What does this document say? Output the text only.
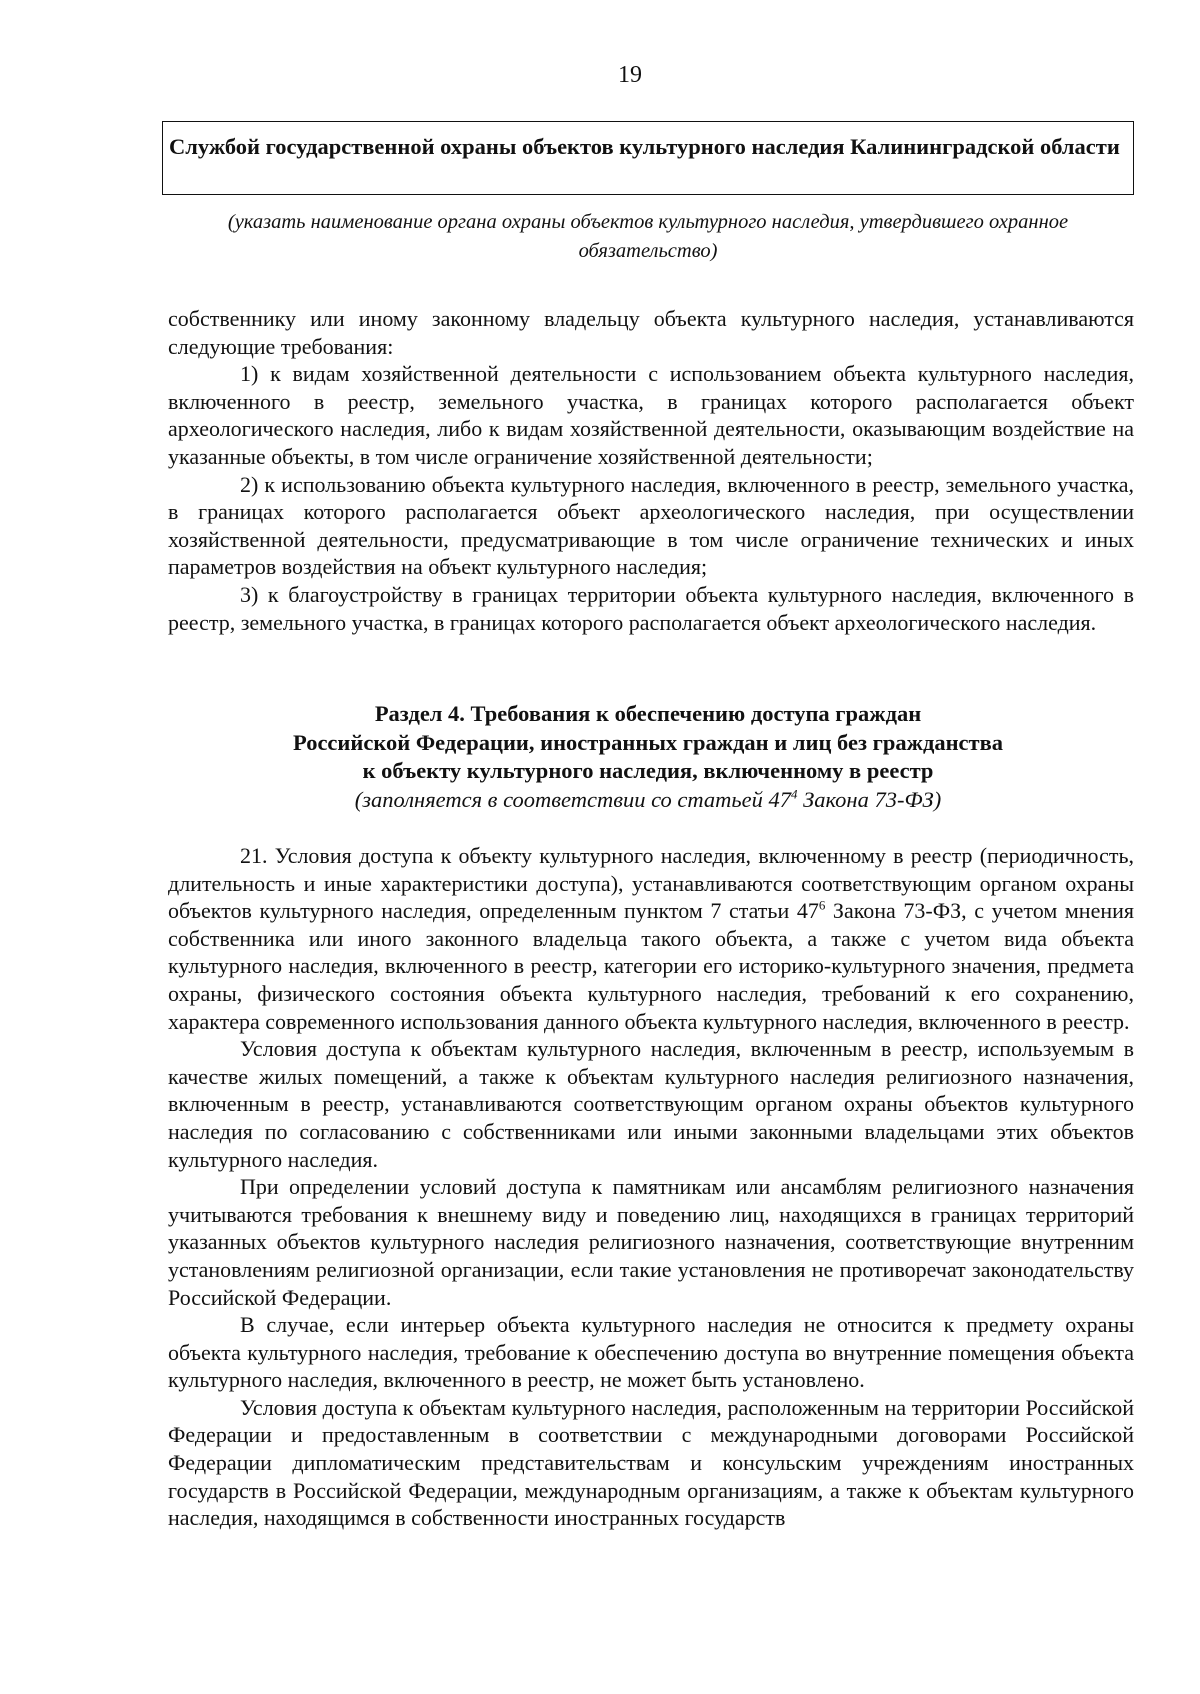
19
Службой государственной охраны объектов культурного наследия Калининградской области
(указать наименование органа охраны объектов культурного наследия, утвердившего охранное обязательство)

собственнику или иному законному владельцу объекта культурного наследия, устанавливаются следующие требования:

1) к видам хозяйственной деятельности с использованием объекта культурного наследия, включенного в реестр, земельного участка, в границах которого располагается объект археологического наследия, либо к видам хозяйственной деятельности, оказывающим воздействие на указанные объекты, в том числе ограничение хозяйственной деятельности;

2) к использованию объекта культурного наследия, включенного в реестр, земельного участка, в границах которого располагается объект археологического наследия, при осуществлении хозяйственной деятельности, предусматривающие в том числе ограничение технических и иных параметров воздействия на объект культурного наследия;

3) к благоустройству в границах территории объекта культурного наследия, включенного в реестр, земельного участка, в границах которого располагается объект археологического наследия.

Раздел 4. Требования к обеспечению доступа граждан
Российской Федерации, иностранных граждан и лиц без гражданства
к объекту культурного наследия, включенному в реестр
(заполняется в соответствии со статьей $47^4$ Закона 73-ФЗ)

21. Условия доступа к объекту культурного наследия, включенному в реестр (периодичность, длительность и иные характеристики доступа), устанавливаются соответствующим органом охраны объектов культурного наследия, определенным пунктом 7 статьи $47^6$ Закона 73-ФЗ, с учетом мнения собственника или иного законного владельца такого объекта, а также с учетом вида объекта культурного наследия, включенного в реестр, категории его историко-культурного значения, предмета охраны, физического состояния объекта культурного наследия, требований к его сохранению, характера современного использования данного объекта культурного наследия, включенного в реестр.

Условия доступа к объектам культурного наследия, включенным в реестр, используемым в качестве жилых помещений, а также к объектам культурного наследия религиозного назначения, включенным в реестр, устанавливаются соответствующим органом охраны объектов культурного наследия по согласованию с собственниками или иными законными владельцами этих объектов культурного наследия.

При определении условий доступа к памятникам или ансамблям религиозного назначения учитываются требования к внешнему виду и поведению лиц, находящихся в границах территорий указанных объектов культурного наследия религиозного назначения, соответствующие внутренним установлениям религиозной организации, если такие установления не противоречат законодательству Российской Федерации.

В случае, если интерьер объекта культурного наследия не относится к предмету охраны объекта культурного наследия, требование к обеспечению доступа во внутренние помещения объекта культурного наследия, включенного в реестр, не может быть установлено.

Условия доступа к объектам культурного наследия, расположенным на территории Российской Федерации и предоставленным в соответствии с международными договорами Российской Федерации дипломатическим представительствам и консульским учреждениям иностранных государств в Российской Федерации, международным организациям, а также к объектам культурного наследия, находящимся в собственности иностранных государств
